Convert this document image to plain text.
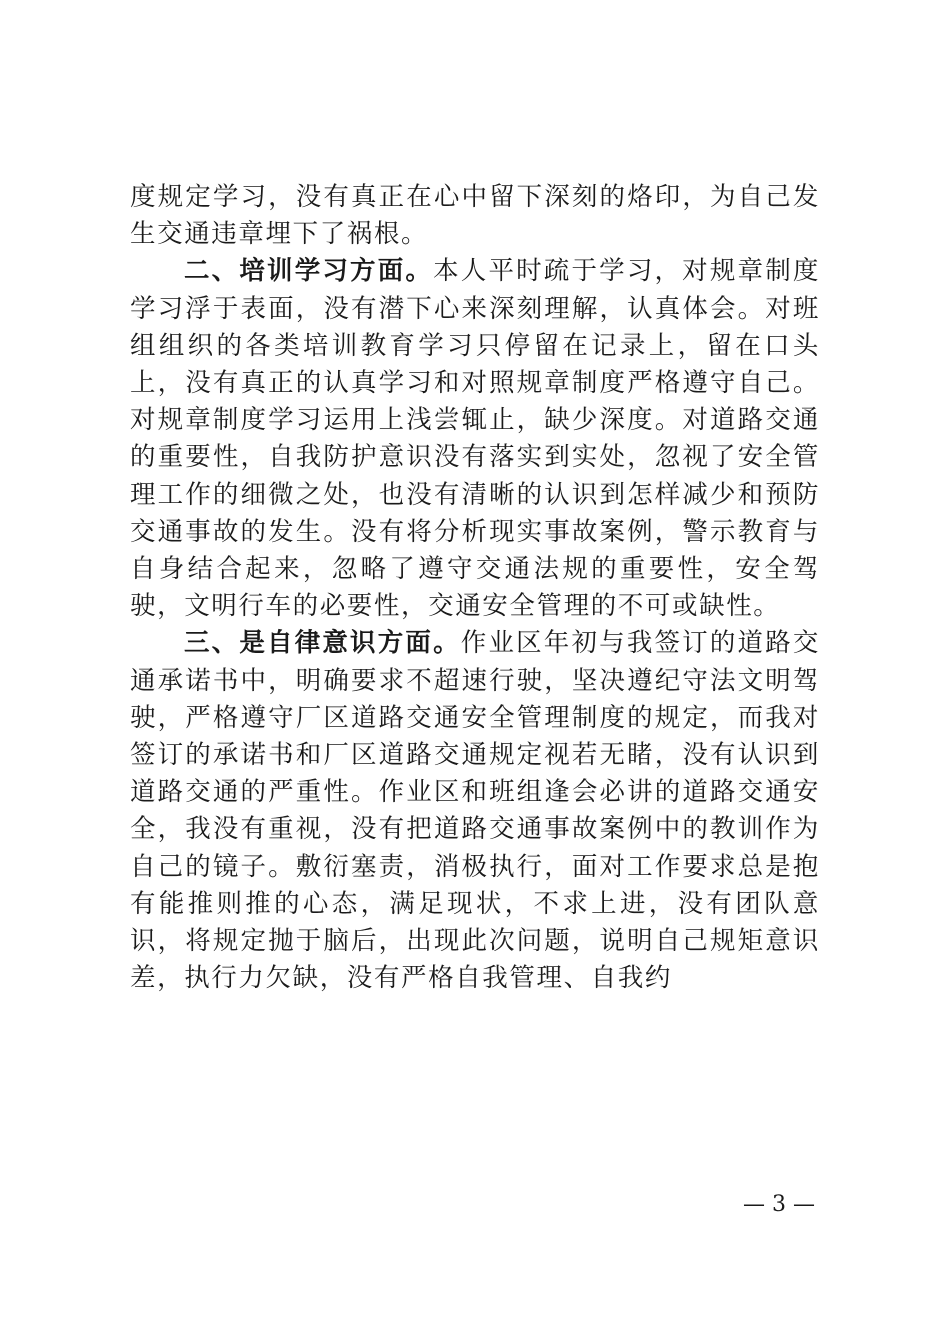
度规定学习，没有真正在心中留下深刻的烙印，为自己发生交通违章埋下了祸根。

二、培训学习方面。本人平时疏于学习，对规章制度学习浮于表面，没有潜下心来深刻理解，认真体会。对班组组织的各类培训教育学习只停留在记录上，留在口头上，没有真正的认真学习和对照规章制度严格遵守自己。对规章制度学习运用上浅尝辄止，缺少深度。对道路交通的重要性，自我防护意识没有落实到实处，忽视了安全管理工作的细微之处，也没有清晰的认识到怎样减少和预防交通事故的发生。没有将分析现实事故案例，警示教育与自身结合起来，忽略了遵守交通法规的重要性，安全驾驶，文明行车的必要性，交通安全管理的不可或缺性。

三、是自律意识方面。作业区年初与我签订的道路交通承诺书中，明确要求不超速行驶，坚决遵纪守法文明驾驶，严格遵守厂区道路交通安全管理制度的规定，而我对签订的承诺书和厂区道路交通规定视若无睹，没有认识到道路交通的严重性。作业区和班组逢会必讲的道路交通安全，我没有重视，没有把道路交通事故案例中的教训作为自己的镜子。敷衍塞责，消极执行，面对工作要求总是抱有能推则推的心态，满足现状，不求上进，没有团队意识，将规定抛于脑后，出现此次问题，说明自己规矩意识差，执行力欠缺，没有严格自我管理、自我约

— 3 —
